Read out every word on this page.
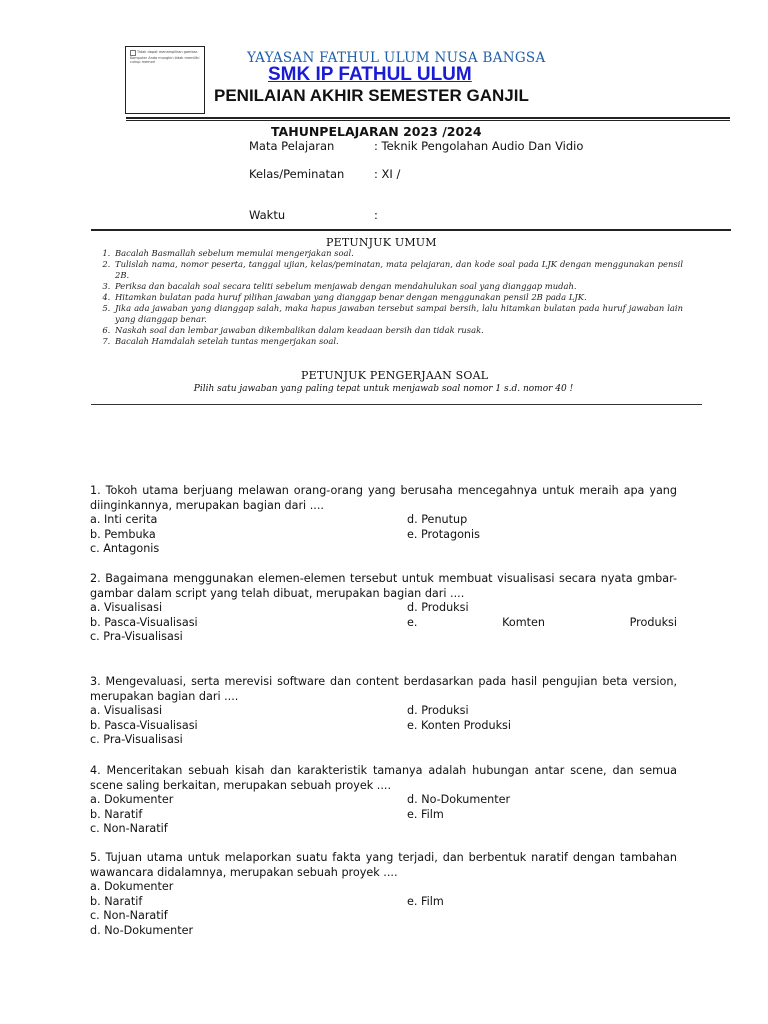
Tidak dapat menampilkan gambar. Komputer Anda mungkin tidak memiliki cukup memori	YAYASAN FATHUL ULUM NUSA BANGSA
SMK IP FATHUL ULUM
PENILAIAN AKHIR SEMESTER GANJIL
TAHUNPELAJARAN 2023 /2024
Mata Pelajaran	: Teknik Pengolahan Audio Dan Vidio
Kelas/Peminatan	: XI /
Waktu	:
PETUNJUK UMUM
1. Bacalah Basmallah sebelum memulai mengerjakan soal.
2. Tulislah nama, nomor peserta, tanggal ujian, kelas/peminatan, mata pelajaran, dan kode soal pada LJK dengan menggunakan pensil 2B.
3. Periksa dan bacalah soal secara teliti sebelum menjawab dengan mendahulukan soal yang dianggap mudah.
4. Hitamkan bulatan pada huruf pilihan jawaban yang dianggap benar dengan menggunakan pensil 2B pada LJK.
5. Jika ada jawaban yang dianggap salah, maka hapus jawaban tersebut sampai bersih, lalu hitamkan bulatan pada huruf jawaban lain yang dianggap benar.
6. Naskah soal dan lembar jawaban dikembalikan dalam keadaan bersih dan tidak rusak.
7. Bacalah Hamdalah setelah tuntas mengerjakan soal.
PETUNJUK PENGERJAAN SOAL
Pilih satu jawaban yang paling tepat untuk menjawab soal nomor 1 s.d. nomor 40 !
1. Tokoh utama berjuang melawan orang-orang yang berusaha mencegahnya untuk meraih apa yang diinginkannya, merupakan bagian dari ....
a. Inti cerita	d. Penutup
b. Pembuka	e. Protagonis
c. Antagonis
2. Bagaimana menggunakan elemen-elemen tersebut untuk membuat visualisasi secara nyata gmbar-gambar dalam script yang telah dibuat, merupakan bagian dari ....
a. Visualisasi	d. Produksi
b. Pasca-Visualisasi	e.	Komten	Produksi
c. Pra-Visualisasi
3. Mengevaluasi, serta merevisi software dan content berdasarkan pada hasil pengujian beta version, merupakan bagian dari ....
a. Visualisasi	d. Produksi
b. Pasca-Visualisasi	e. Konten Produksi
c. Pra-Visualisasi
4. Menceritakan sebuah kisah dan karakteristik tamanya adalah hubungan antar scene, dan semua scene saling berkaitan, merupakan sebuah proyek ....
a. Dokumenter	d. No-Dokumenter
b. Naratif	e. Film
c. Non-Naratif
5. Tujuan utama untuk melaporkan suatu fakta yang terjadi, dan berbentuk naratif dengan tambahan wawancara didalamnya, merupakan sebuah proyek ....
a. Dokumenter
b. Naratif	e. Film
c. Non-Naratif
d. No-Dokumenter
